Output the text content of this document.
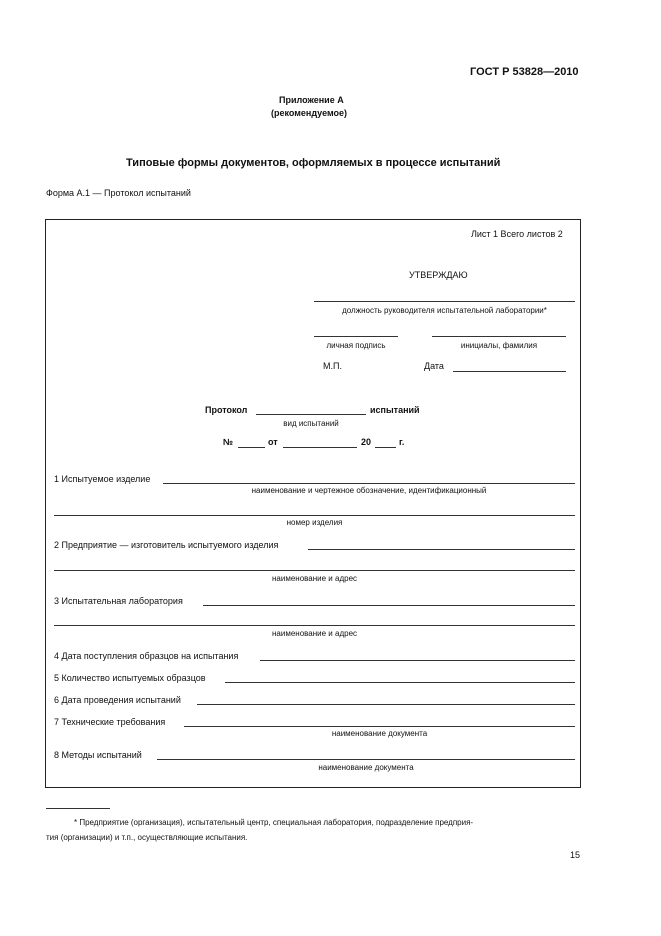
ГОСТ Р 53828—2010
Приложение А
(рекомендуемое)
Типовые формы документов, оформляемых в процессе испытаний
Форма А.1 — Протокол испытаний
Лист 1 Всего листов 2
УТВЕРЖДАЮ
должность руководителя испытательной лаборатории*
личная подпись	инициалы, фамилия
М.П.	Дата
Протокол	испытаний
вид испытаний
№	от	20	г.
1 Испытуемое изделие
наименование и чертежное обозначение, идентификационный
номер изделия
2 Предприятие — изготовитель испытуемого изделия
наименование и адрес
3 Испытательная лаборатория
наименование и адрес
4 Дата поступления образцов на испытания
5 Количество испытуемых образцов
6 Дата проведения испытаний
7 Технические требования
наименование документа
8 Методы испытаний
наименование документа
* Предприятие (организация), испытательный центр, специальная лаборатория, подразделение предприя-
тия (организации) и т.п., осуществляющие испытания.
15
